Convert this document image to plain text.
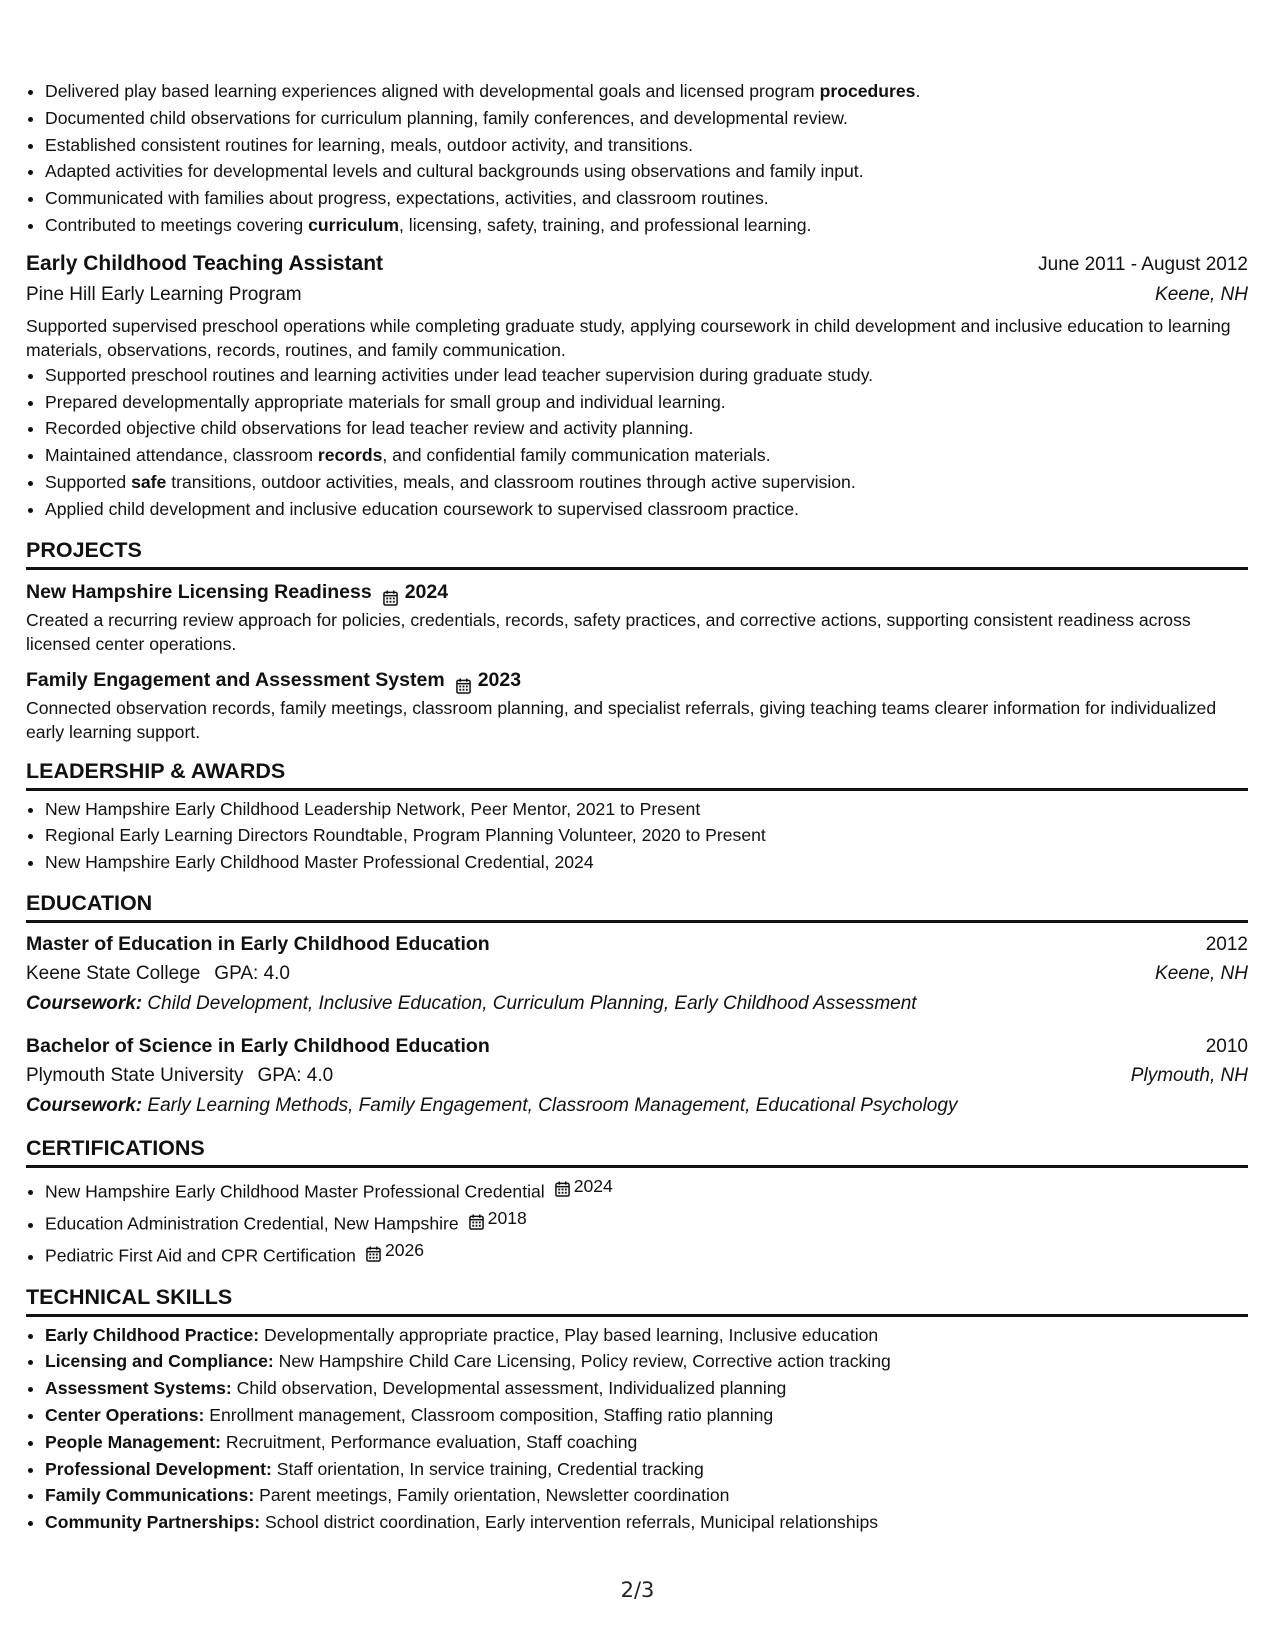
• Delivered play based learning experiences aligned with developmental goals and licensed program procedures.
• Documented child observations for curriculum planning, family conferences, and developmental review.
• Established consistent routines for learning, meals, outdoor activity, and transitions.
• Adapted activities for developmental levels and cultural backgrounds using observations and family input.
• Communicated with families about progress, expectations, activities, and classroom routines.
• Contributed to meetings covering curriculum, licensing, safety, training, and professional learning.
Early Childhood Teaching Assistant	June 2011 - August 2012
Pine Hill Early Learning Program	Keene, NH
Supported supervised preschool operations while completing graduate study, applying coursework in child development and inclusive education to learning materials, observations, records, routines, and family communication.
• Supported preschool routines and learning activities under lead teacher supervision during graduate study.
• Prepared developmentally appropriate materials for small group and individual learning.
• Recorded objective child observations for lead teacher review and activity planning.
• Maintained attendance, classroom records, and confidential family communication materials.
• Supported safe transitions, outdoor activities, meals, and classroom routines through active supervision.
• Applied child development and inclusive education coursework to supervised classroom practice.
PROJECTS
New Hampshire Licensing Readiness 2024
Created a recurring review approach for policies, credentials, records, safety practices, and corrective actions, supporting consistent readiness across licensed center operations.
Family Engagement and Assessment System 2023
Connected observation records, family meetings, classroom planning, and specialist referrals, giving teaching teams clearer information for individualized early learning support.
LEADERSHIP & AWARDS
• New Hampshire Early Childhood Leadership Network, Peer Mentor, 2021 to Present
• Regional Early Learning Directors Roundtable, Program Planning Volunteer, 2020 to Present
• New Hampshire Early Childhood Master Professional Credential, 2024
EDUCATION
Master of Education in Early Childhood Education	2012
Keene State College GPA: 4.0	Keene, NH
Coursework: Child Development, Inclusive Education, Curriculum Planning, Early Childhood Assessment
Bachelor of Science in Early Childhood Education	2010
Plymouth State University GPA: 4.0	Plymouth, NH
Coursework: Early Learning Methods, Family Engagement, Classroom Management, Educational Psychology
CERTIFICATIONS
• New Hampshire Early Childhood Master Professional Credential 2024
• Education Administration Credential, New Hampshire 2018
• Pediatric First Aid and CPR Certification 2026
TECHNICAL SKILLS
• Early Childhood Practice: Developmentally appropriate practice, Play based learning, Inclusive education
• Licensing and Compliance: New Hampshire Child Care Licensing, Policy review, Corrective action tracking
• Assessment Systems: Child observation, Developmental assessment, Individualized planning
• Center Operations: Enrollment management, Classroom composition, Staffing ratio planning
• People Management: Recruitment, Performance evaluation, Staff coaching
• Professional Development: Staff orientation, In service training, Credential tracking
• Family Communications: Parent meetings, Family orientation, Newsletter coordination
• Community Partnerships: School district coordination, Early intervention referrals, Municipal relationships
2/3
